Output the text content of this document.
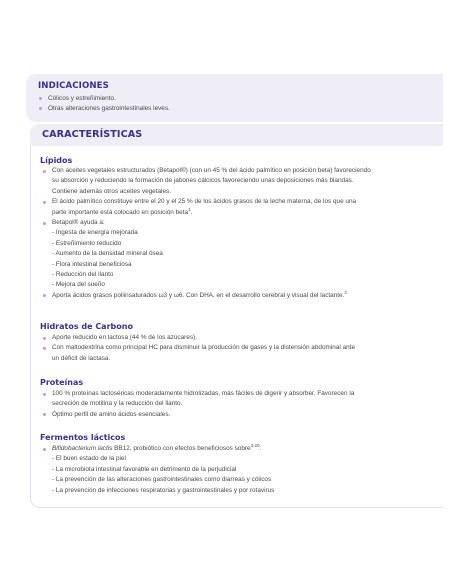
INDICACIONES
Cólicos y estreñimiento.
Otras alteraciones gastrointestinales leves.
CARACTERÍSTICAS
Lípidos
Con aceites vegetales estructurados (Betapol®) (con un 45 % del ácido palmítico en posición beta) favoreciendo
su absorción y reduciendo la formación de jabones cálcicos favoreciendo unas deposiciones más blandas.
Contiene además otros aceites vegetales.
El ácido palmítico constituye entre el 20 y el 25 % de los ácidos grasos de la leche materna, de los que una
parte importante está colocado en posición beta$^1$.
Betapol® ayuda a:
- Ingesta de energía mejorada
- Estreñimiento reducido
- Aumento de la densidad mineral ósea
- Flora intestinal beneficiosa
- Reducción del llanto
- Mejora del sueño
Aporta ácidos grasos poliinsaturados ω3 y ω6. Con DHA, en el desarrollo cerebral y visual del lactante.$^2$
Hidratos de Carbono
Aporte reducido en lactosa (44 % de los azúcares).
Con maltodextrina como principal HC para disminuir la producción de gases y la distensión abdominal ante
un déficit de lactasa.
Proteínas
100 % proteínas lactoséricas moderadamente hidrolizadas, más fáciles de digerir y absorber. Favorecen la
secreción de motilina y la reducción del llanto.
Óptimo perfil de amino ácidos esenciales.
Fermentos lácticos
Bifidobacterium lactis BB12, probiótico con efectos beneficiosos sobre$^{3-20}$:
- El buen estado de la piel
- La microbiota intestinal favorable en detrimento de la perjudicial
- La prevención de las alteraciones gastrointestinales como diarreas y cólicos
- La prevención de infecciones respiratorias y gastrointestinales y por rotavirus
